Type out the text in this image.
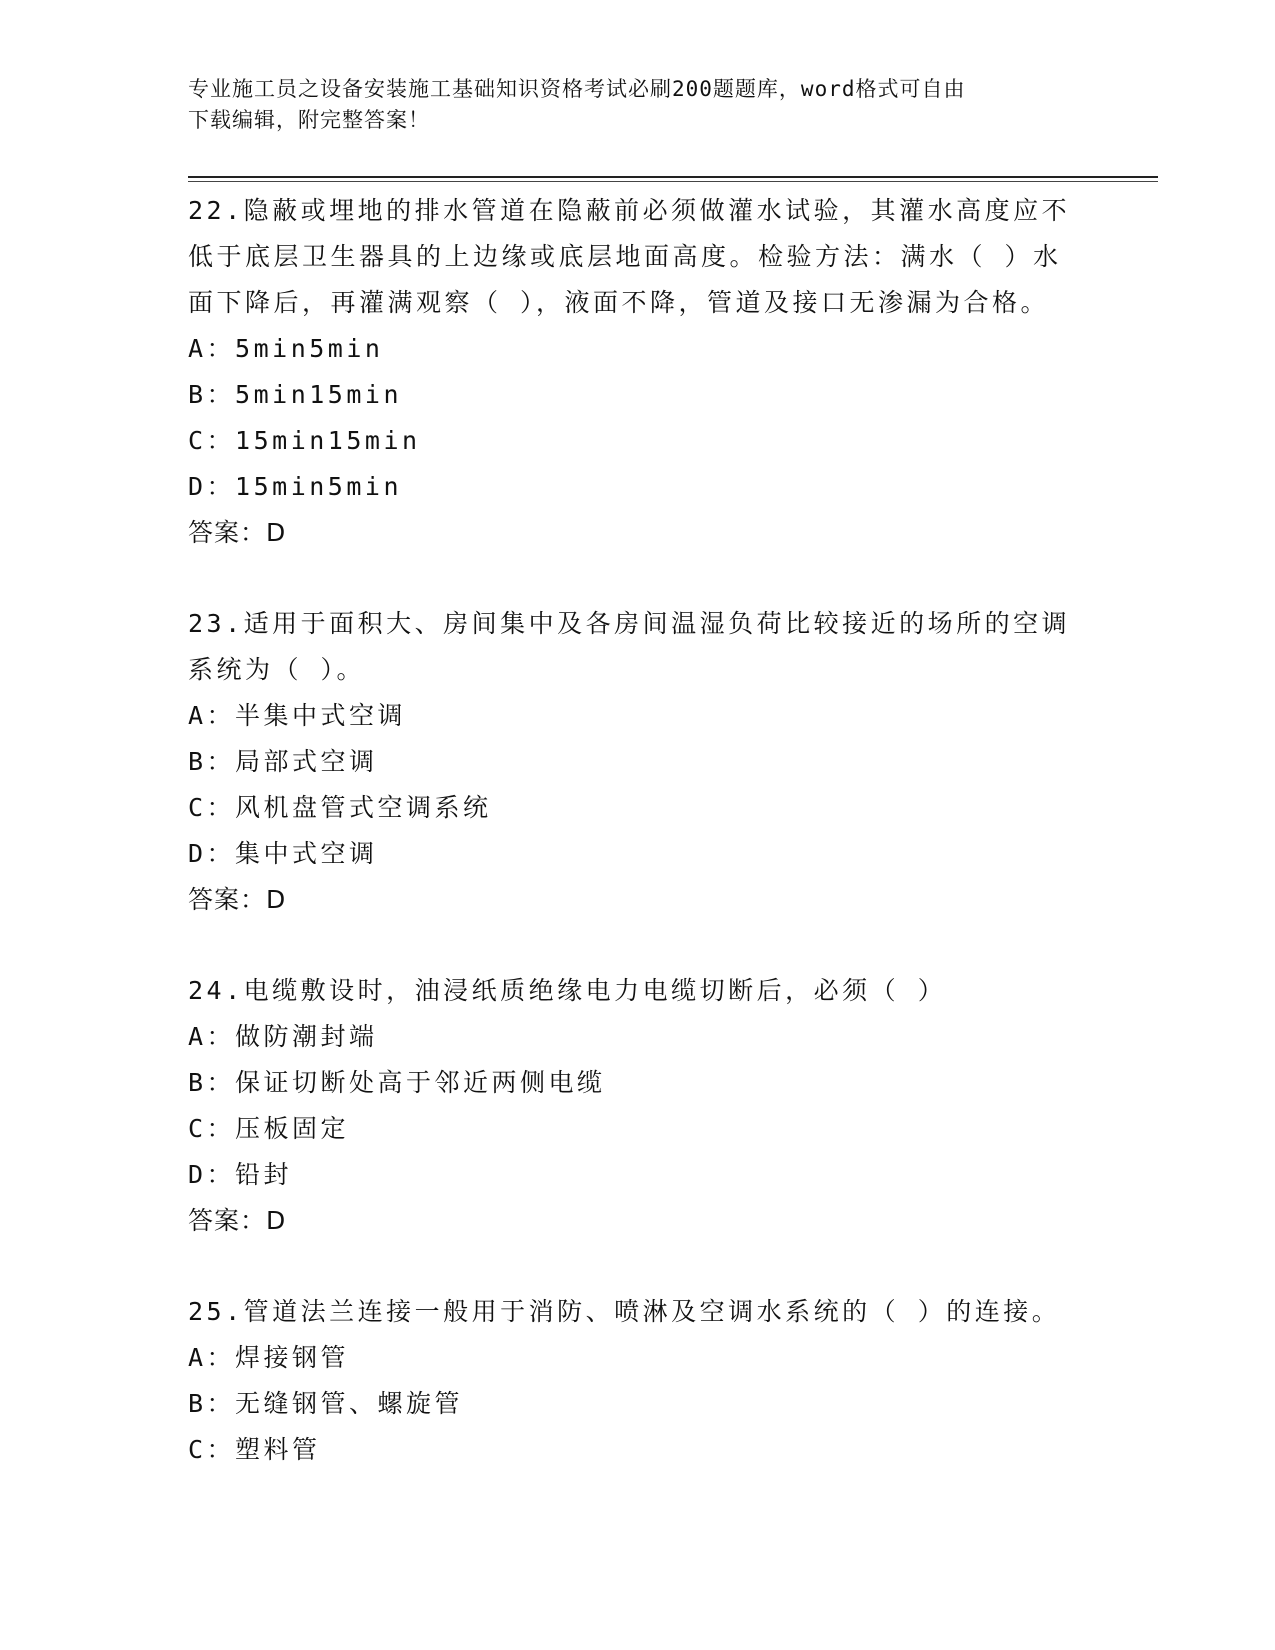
专业施工员之设备安装施工基础知识资格考试必刷200题题库，word格式可自由
下载编辑，附完整答案！
22.隐蔽或埋地的排水管道在隐蔽前必须做灌水试验，其灌水高度应不
低于底层卫生器具的上边缘或底层地面高度。检验方法：满水（ ）水
面下降后，再灌满观察（ ），液面不降，管道及接口无渗漏为合格。
A：5min5min
B：5min15min
C：15min15min
D：15min5min
答案：D
23.适用于面积大、房间集中及各房间温湿负荷比较接近的场所的空调
系统为（ ）。
A：半集中式空调
B：局部式空调
C：风机盘管式空调系统
D：集中式空调
答案：D
24.电缆敷设时，油浸纸质绝缘电力电缆切断后，必须（ ）
A：做防潮封端
B：保证切断处高于邻近两侧电缆
C：压板固定
D：铅封
答案：D
25.管道法兰连接一般用于消防、喷淋及空调水系统的（ ）的连接。
A：焊接钢管
B：无缝钢管、螺旋管
C：塑料管
